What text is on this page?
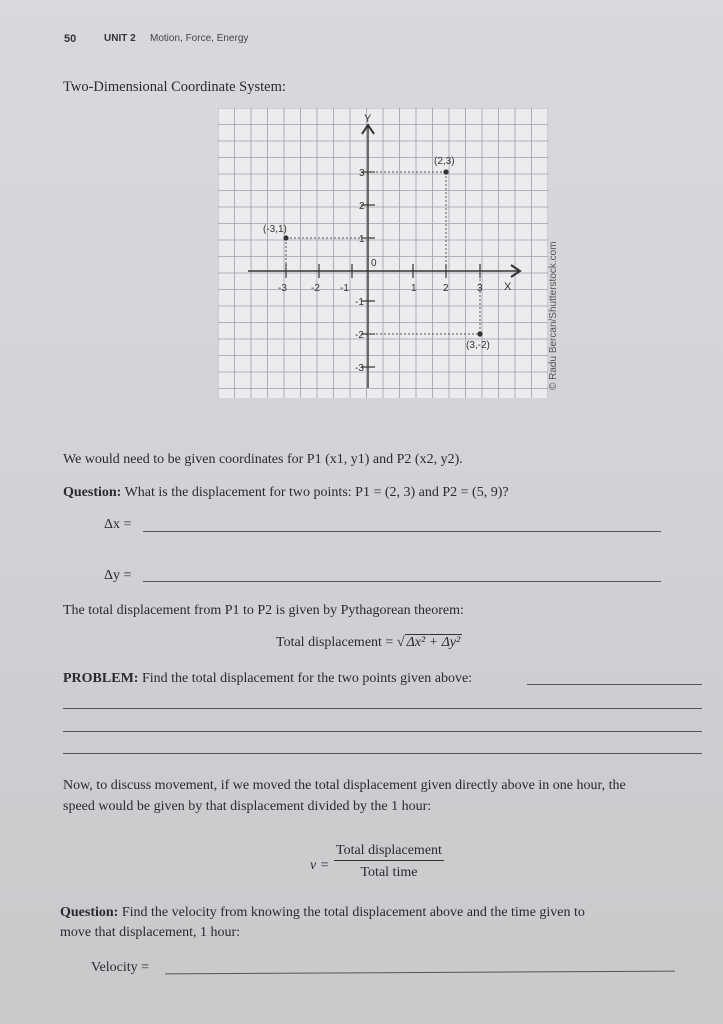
50	UNIT 2 Motion, Force, Energy
Two-Dimensional Coordinate System:
Y
X
0
-3 -2 -1	1	2	3
3
2
1
-1
-2
-3
(2,3)
(-3,1)
(3,-2)	© Radu Bercan/Shutterstock.com
We would need to be given coordinates for P1 (x1, y1) and P2 (x2, y2).
Question: What is the displacement for two points: P1 = (2, 3) and P2 = (5, 9)?
Δx =
Δy =
The total displacement from P1 to P2 is given by Pythagorean theorem:
Total displacement = √ Δx² + Δy²
PROBLEM: Find the total displacement for the two points given above:
Now, to discuss movement, if we moved the total displacement given directly above in one hour, the
speed would be given by that displacement divided by the 1 hour:
v =
Total displacement
Total time
Question: Find the velocity from knowing the total displacement above and the time given to
move that displacement, 1 hour:
Velocity =
